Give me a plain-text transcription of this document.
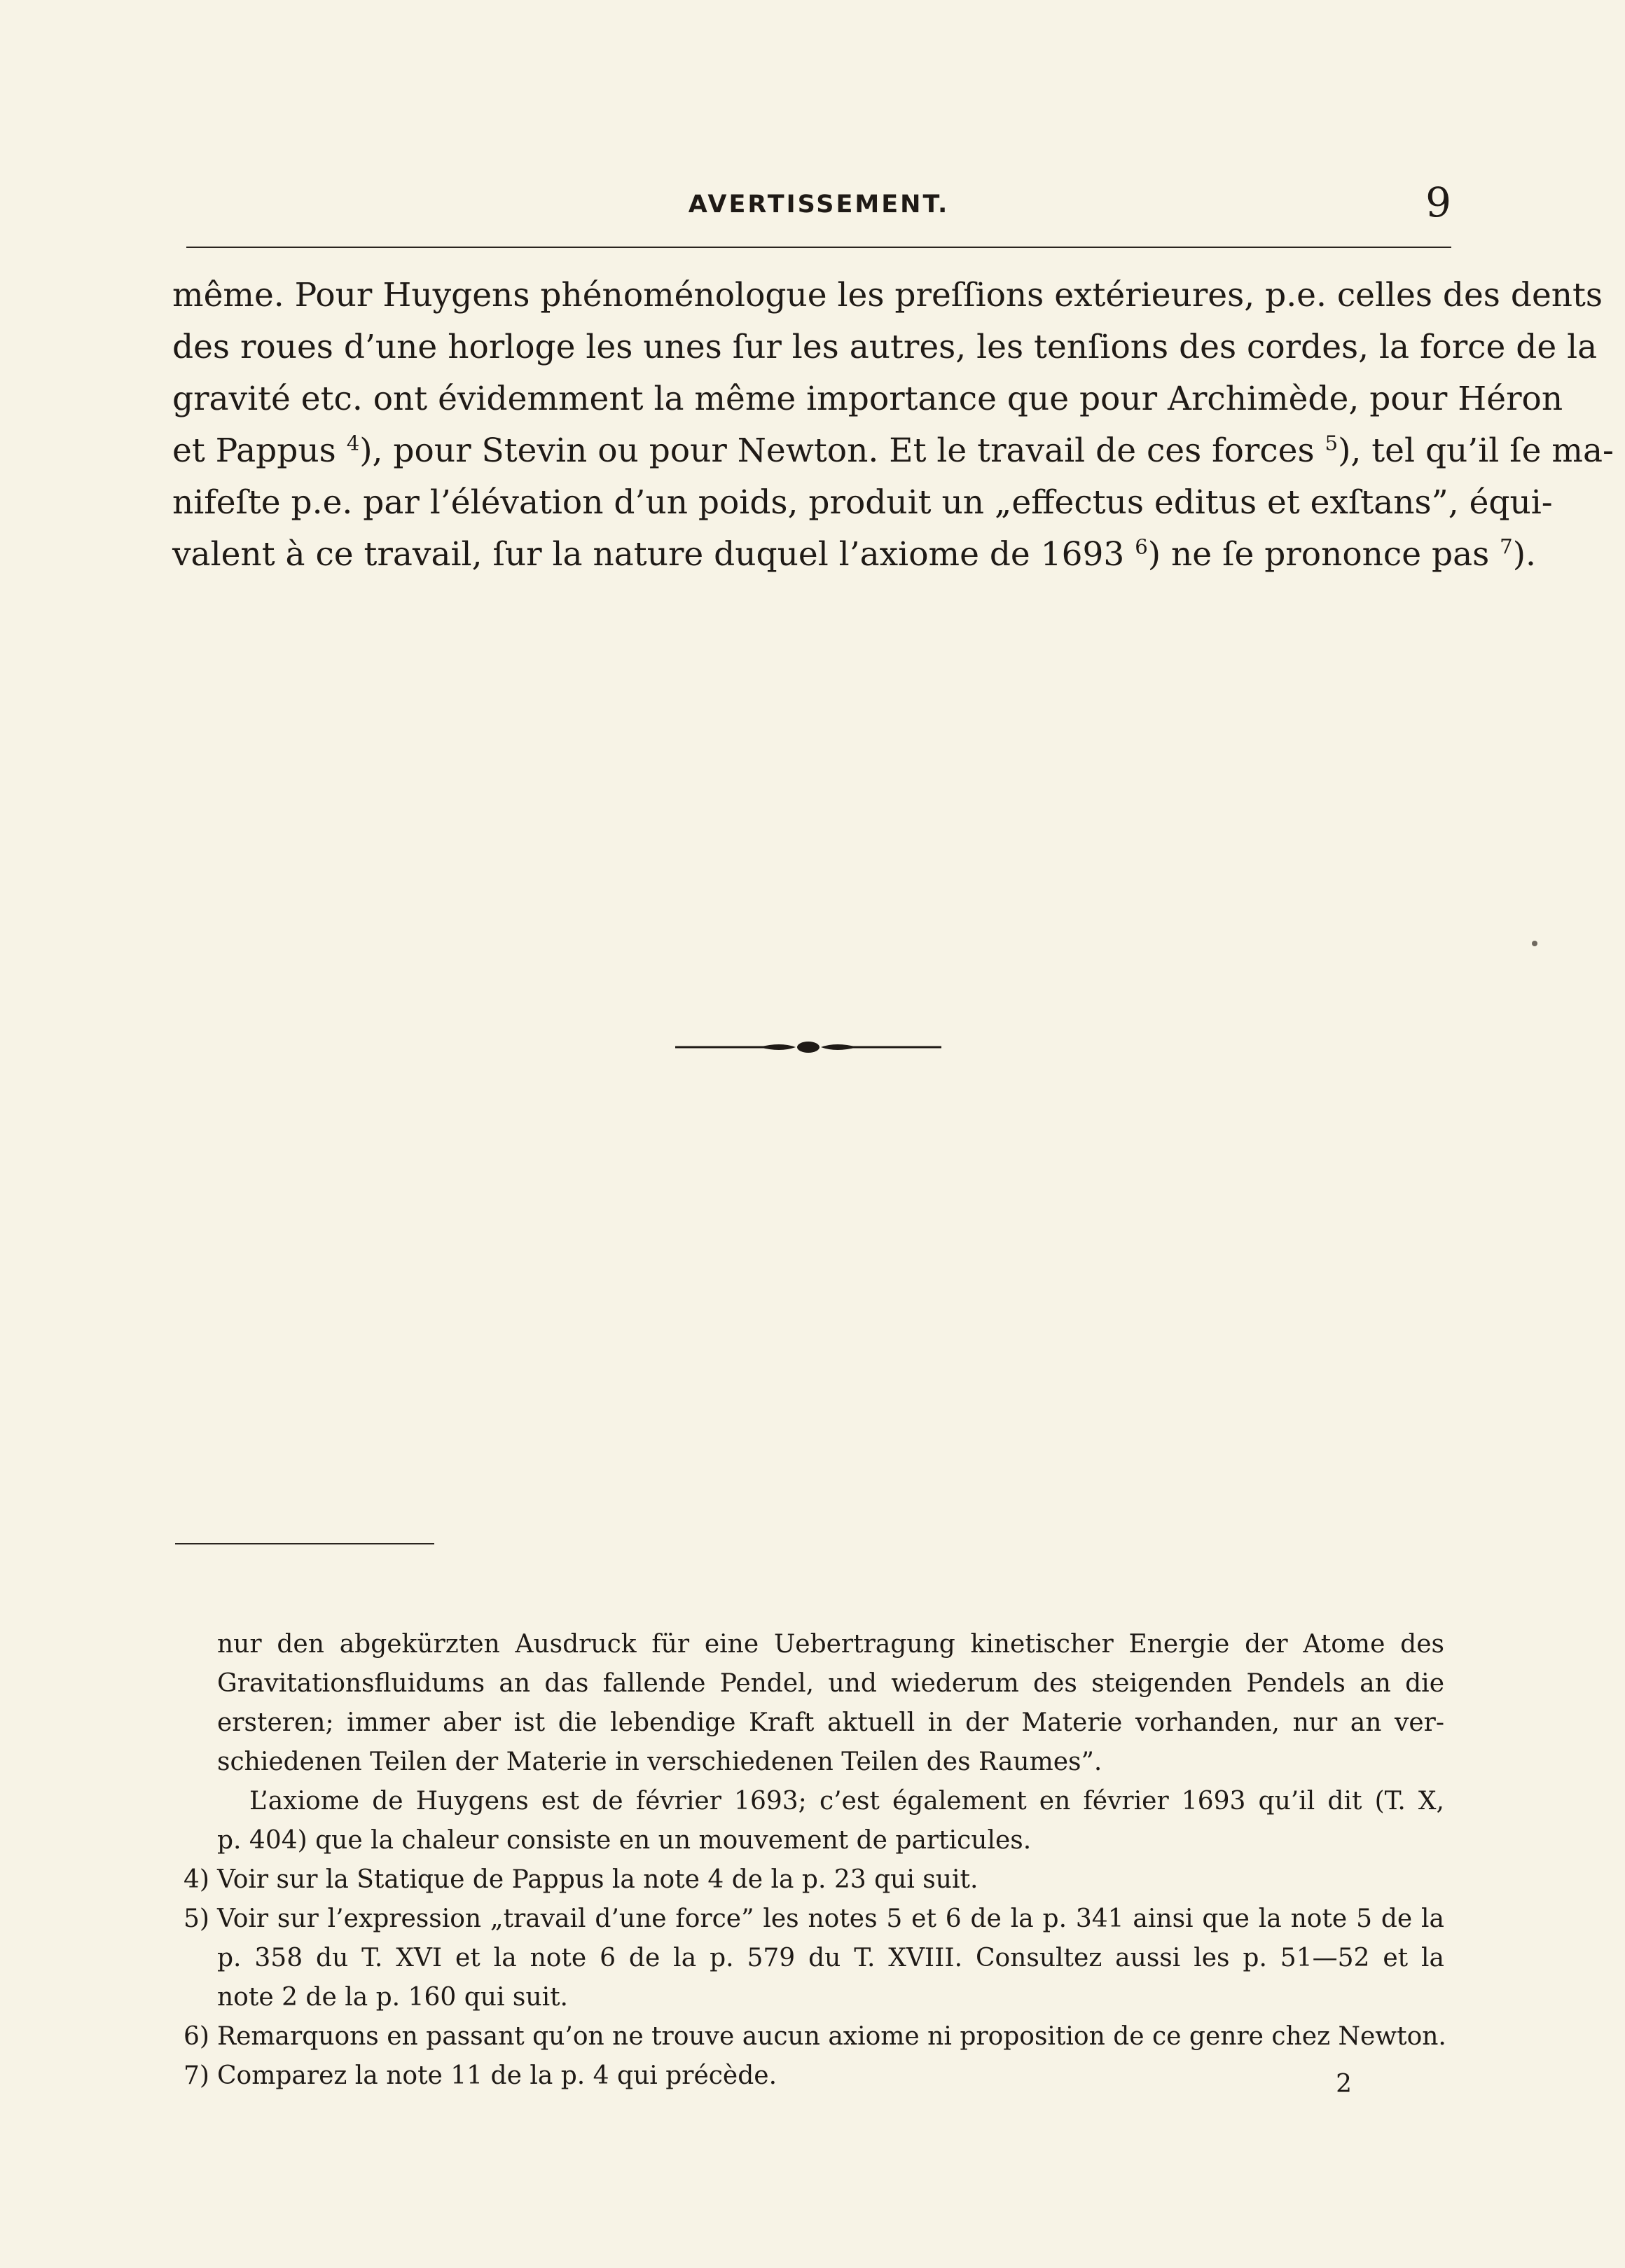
AVERTISSEMENT.	9
même. Pour Huygens phénoménologue les preſſions extérieures, p.e. celles des dents
des roues d’une horloge les unes ſur les autres, les tenſions des cordes, la force de la
gravité etc. ont évidemment la même importance que pour Archimède, pour Héron
et Pappus $^4$), pour Stevin ou pour Newton. Et le travail de ces forces $^5$), tel qu’il ſe ma-
nifeſte p.e. par l’élévation d’un poids, produit un „effectus editus et exſtans”, équi-
valent à ce travail, ſur la nature duquel l’axiome de 1693 $^6$) ne ſe prononce pas $^7$).
nur den abgekürzten Ausdruck für eine Uebertragung kinetischer Energie der Atome des
Gravitationsfluidums an das fallende Pendel, und wiederum des steigenden Pendels an die
ersteren; immer aber ist die lebendige Kraft aktuell in der Materie vorhanden, nur an ver-
schiedenen Teilen der Materie in verschiedenen Teilen des Raumes”.
L’axiome de Huygens est de février 1693; c’est également en février 1693 qu’il dit (T. X,
p. 404) que la chaleur consiste en un mouvement de particules.
4) Voir sur la Statique de Pappus la note 4 de la p. 23 qui suit.
5) Voir sur l’expression „travail d’une force” les notes 5 et 6 de la p. 341 ainsi que la note 5 de la
p. 358 du T. XVI et la note 6 de la p. 579 du T. XVIII. Consultez aussi les p. 51—52 et la
note 2 de la p. 160 qui suit.
6) Remarquons en passant qu’on ne trouve aucun axiome ni proposition de ce genre chez Newton.
7) Comparez la note 11 de la p. 4 qui précède.	2
